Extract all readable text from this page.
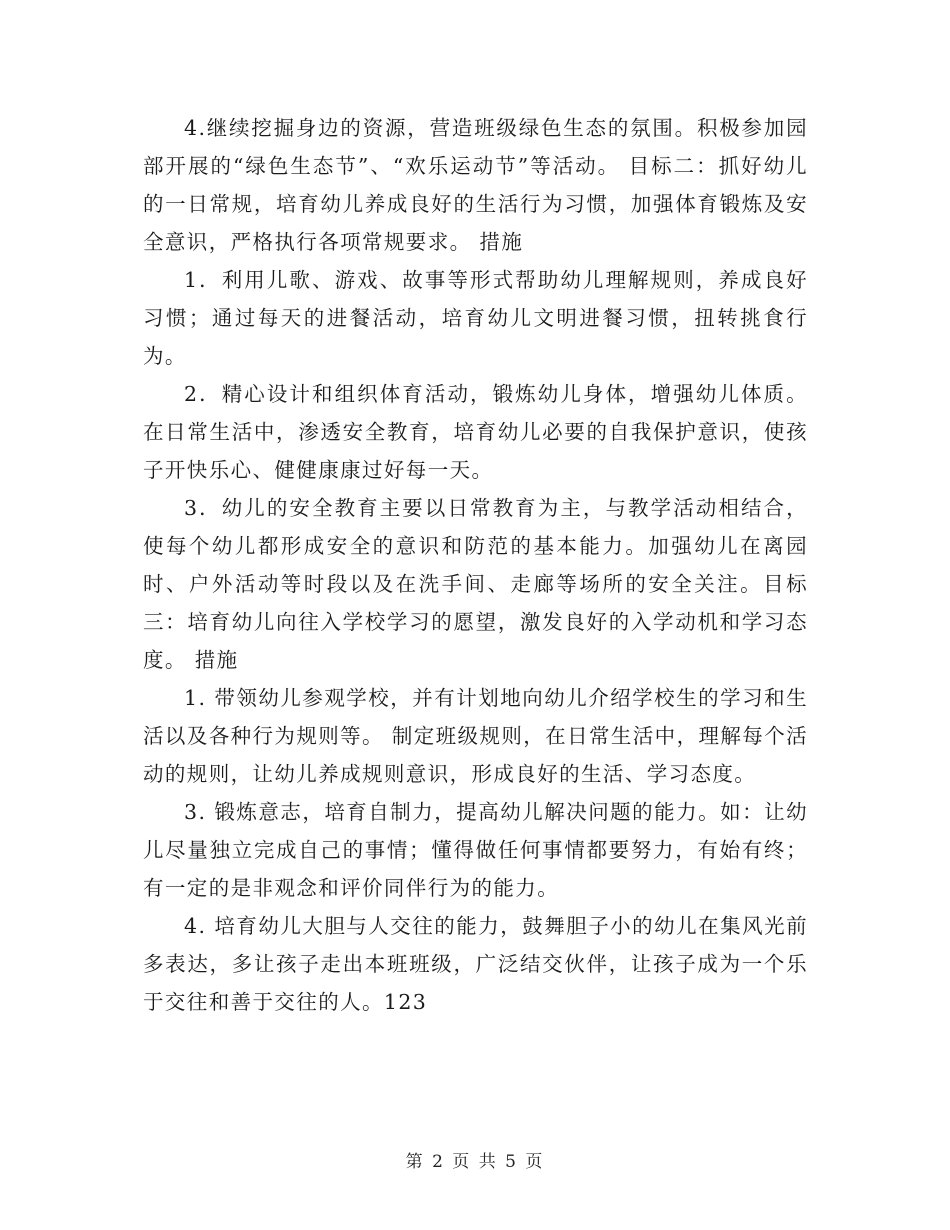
4.继续挖掘身边的资源，营造班级绿色生态的氛围。积极参加园部开展的“绿色生态节”、“欢乐运动节”等活动。 目标二：抓好幼儿的一日常规，培育幼儿养成良好的生活行为习惯，加强体育锻炼及安全意识，严格执行各项常规要求。 措施

1．利用儿歌、游戏、故事等形式帮助幼儿理解规则，养成良好习惯；通过每天的进餐活动，培育幼儿文明进餐习惯，扭转挑食行为。

2．精心设计和组织体育活动，锻炼幼儿身体，增强幼儿体质。在日常生活中，渗透安全教育，培育幼儿必要的自我保护意识，使孩子开快乐心、健健康康过好每一天。

3．幼儿的安全教育主要以日常教育为主，与教学活动相结合，使每个幼儿都形成安全的意识和防范的基本能力。加强幼儿在离园时、户外活动等时段以及在洗手间、走廊等场所的安全关注。目标三：培育幼儿向往入学校学习的愿望，激发良好的入学动机和学习态度。 措施

1. 带领幼儿参观学校，并有计划地向幼儿介绍学校生的学习和生活以及各种行为规则等。 制定班级规则，在日常生活中，理解每个活动的规则，让幼儿养成规则意识，形成良好的生活、学习态度。

3. 锻炼意志，培育自制力，提高幼儿解决问题的能力。如：让幼儿尽量独立完成自己的事情；懂得做任何事情都要努力，有始有终；有一定的是非观念和评价同伴行为的能力。

4. 培育幼儿大胆与人交往的能力，鼓舞胆子小的幼儿在集风光前多表达，多让孩子走出本班班级，广泛结交伙伴，让孩子成为一个乐于交往和善于交往的人。123

第 2 页 共 5 页
